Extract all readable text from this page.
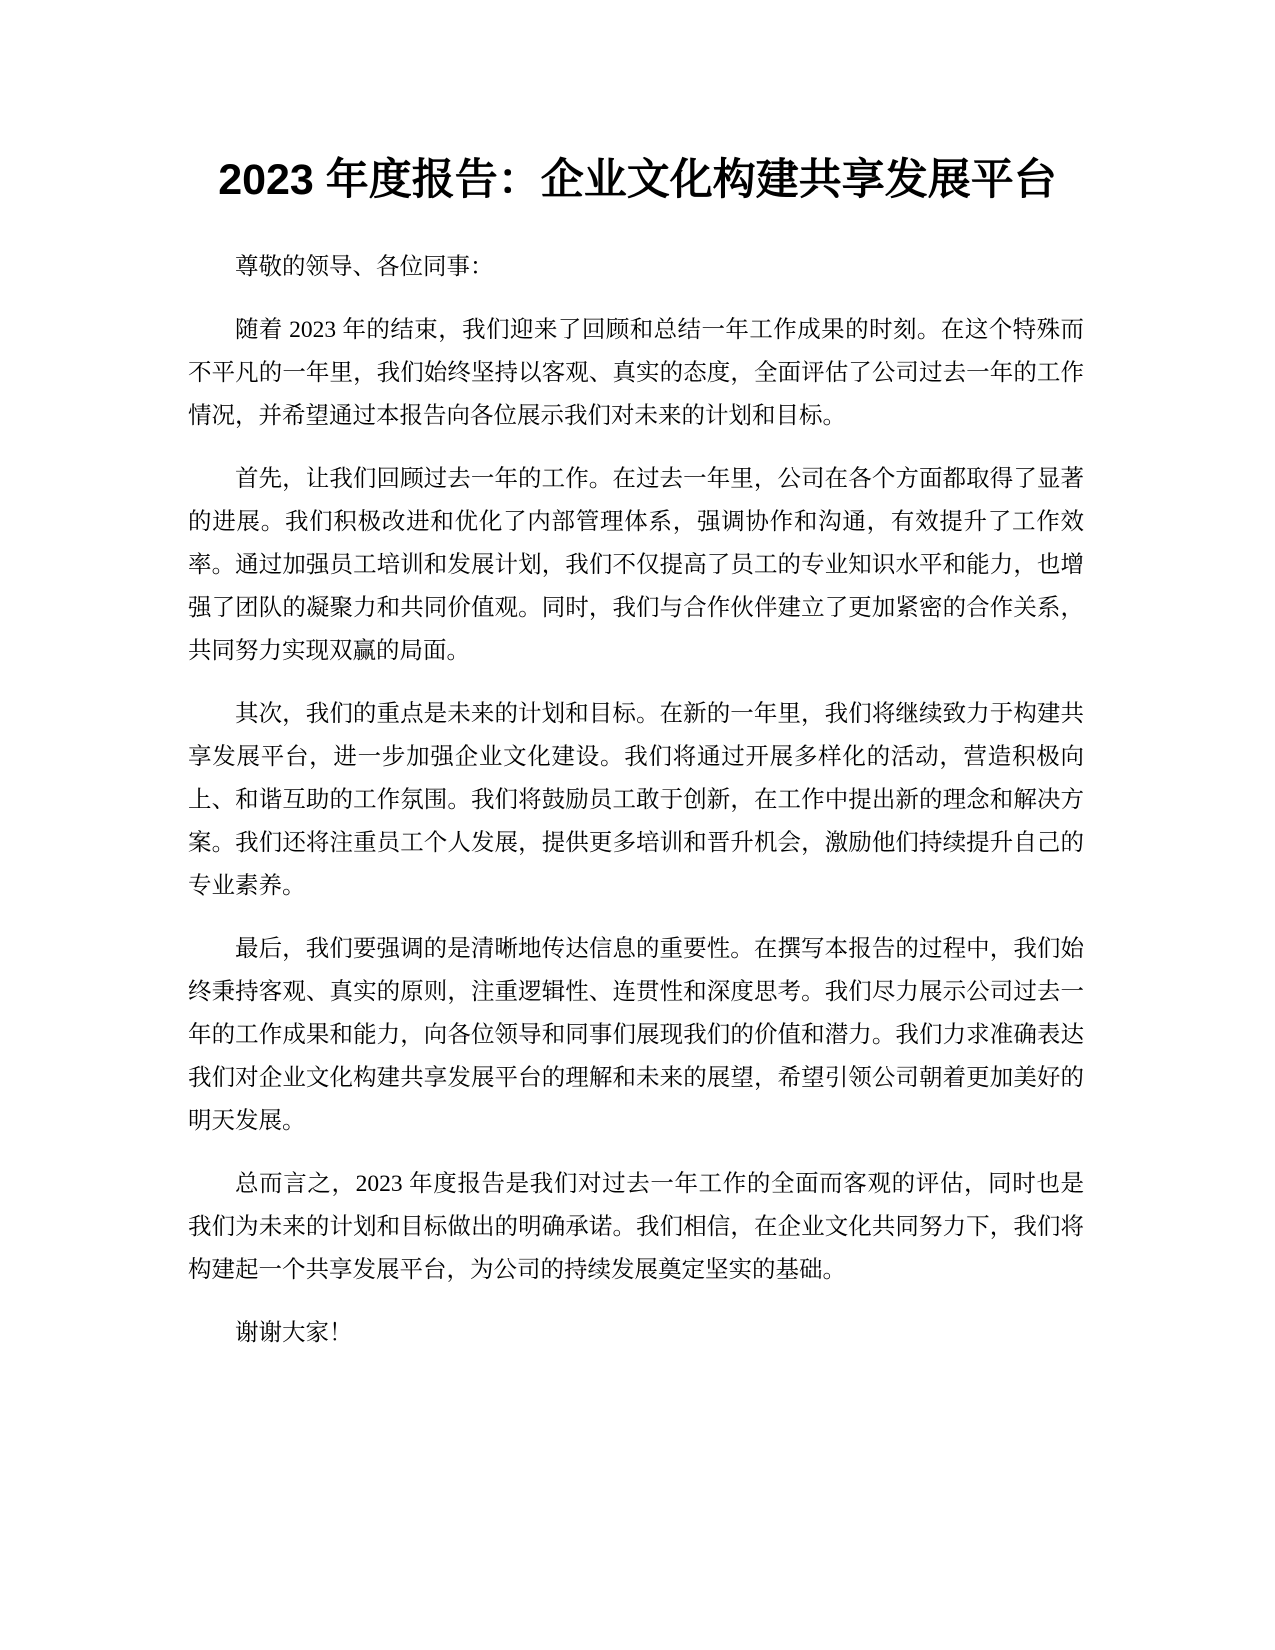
2023 年度报告：企业文化构建共享发展平台

尊敬的领导、各位同事：

随着 2023 年的结束，我们迎来了回顾和总结一年工作成果的时刻。在这个特殊而不平凡的一年里，我们始终坚持以客观、真实的态度，全面评估了公司过去一年的工作情况，并希望通过本报告向各位展示我们对未来的计划和目标。

首先，让我们回顾过去一年的工作。在过去一年里，公司在各个方面都取得了显著的进展。我们积极改进和优化了内部管理体系，强调协作和沟通，有效提升了工作效率。通过加强员工培训和发展计划，我们不仅提高了员工的专业知识水平和能力，也增强了团队的凝聚力和共同价值观。同时，我们与合作伙伴建立了更加紧密的合作关系，共同努力实现双赢的局面。

其次，我们的重点是未来的计划和目标。在新的一年里，我们将继续致力于构建共享发展平台，进一步加强企业文化建设。我们将通过开展多样化的活动，营造积极向上、和谐互助的工作氛围。我们将鼓励员工敢于创新，在工作中提出新的理念和解决方案。我们还将注重员工个人发展，提供更多培训和晋升机会，激励他们持续提升自己的专业素养。

最后，我们要强调的是清晰地传达信息的重要性。在撰写本报告的过程中，我们始终秉持客观、真实的原则，注重逻辑性、连贯性和深度思考。我们尽力展示公司过去一年的工作成果和能力，向各位领导和同事们展现我们的价值和潜力。我们力求准确表达我们对企业文化构建共享发展平台的理解和未来的展望，希望引领公司朝着更加美好的明天发展。

总而言之，2023 年度报告是我们对过去一年工作的全面而客观的评估，同时也是我们为未来的计划和目标做出的明确承诺。我们相信，在企业文化共同努力下，我们将构建起一个共享发展平台，为公司的持续发展奠定坚实的基础。

谢谢大家！
